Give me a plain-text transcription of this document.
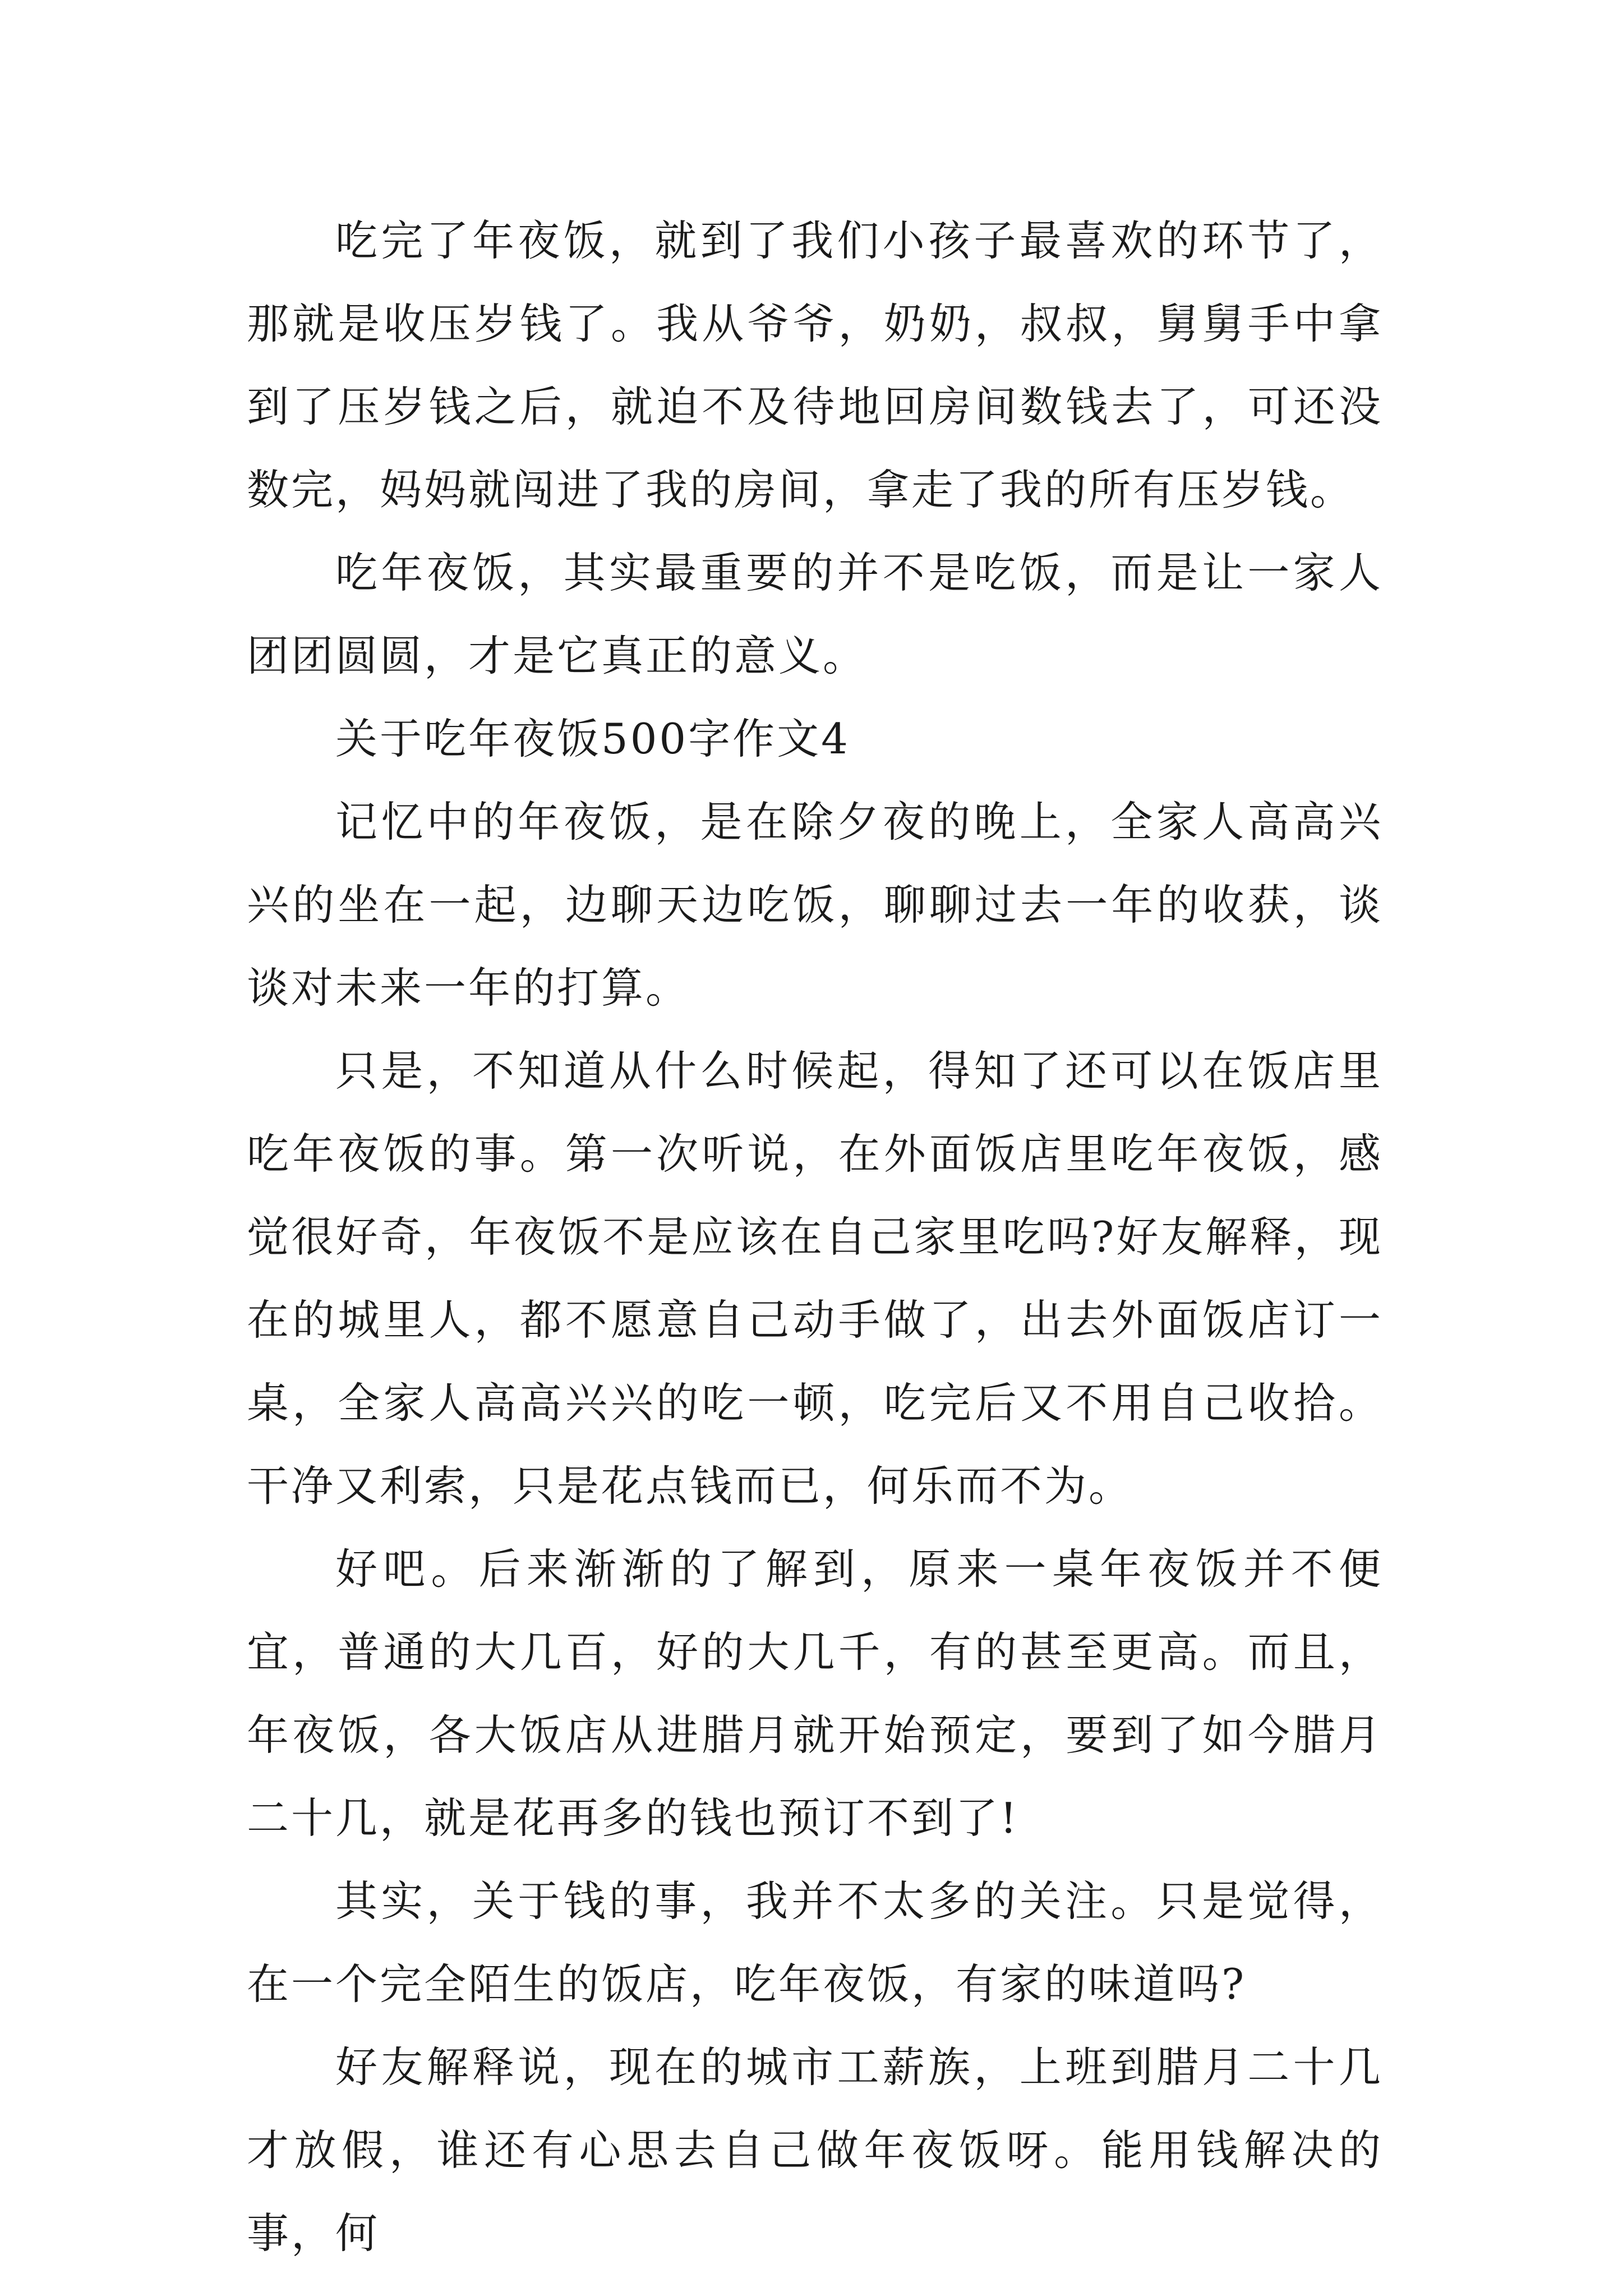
吃完了年夜饭，就到了我们小孩子最喜欢的环节了，那就是收压岁钱了。我从爷爷，奶奶，叔叔，舅舅手中拿到了压岁钱之后，就迫不及待地回房间数钱去了，可还没数完，妈妈就闯进了我的房间，拿走了我的所有压岁钱。

吃年夜饭，其实最重要的并不是吃饭，而是让一家人团团圆圆，才是它真正的意义。

关于吃年夜饭500字作文4

记忆中的年夜饭，是在除夕夜的晚上，全家人高高兴兴的坐在一起，边聊天边吃饭，聊聊过去一年的收获，谈谈对未来一年的打算。

只是，不知道从什么时候起，得知了还可以在饭店里吃年夜饭的事。第一次听说，在外面饭店里吃年夜饭，感觉很好奇，年夜饭不是应该在自己家里吃吗?好友解释，现在的城里人，都不愿意自己动手做了，出去外面饭店订一桌，全家人高高兴兴的吃一顿，吃完后又不用自己收拾。干净又利索，只是花点钱而已，何乐而不为。

好吧。后来渐渐的了解到，原来一桌年夜饭并不便宜，普通的大几百，好的大几千，有的甚至更高。而且，年夜饭，各大饭店从进腊月就开始预定，要到了如今腊月二十几，就是花再多的钱也预订不到了!

其实，关于钱的事，我并不太多的关注。只是觉得，在一个完全陌生的饭店，吃年夜饭，有家的味道吗?

好友解释说，现在的城市工薪族，上班到腊月二十几才放假，谁还有心思去自己做年夜饭呀。能用钱解决的事，何
